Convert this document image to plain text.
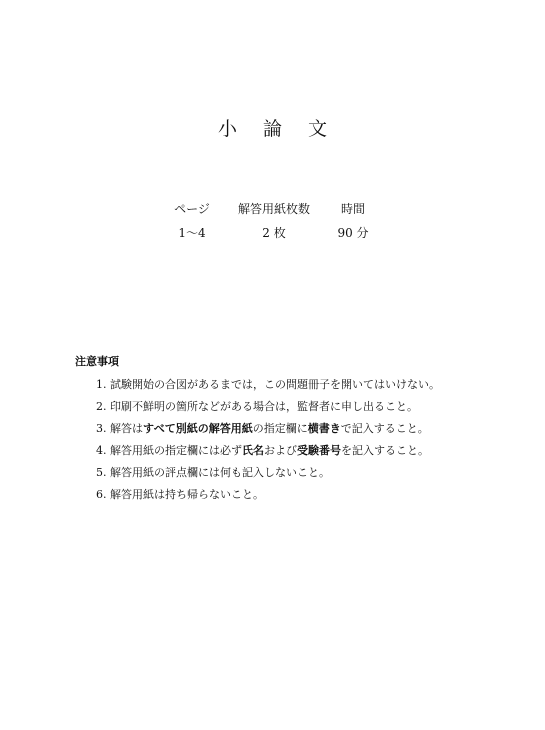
小 論 文
ページ	解答用紙枚数	時間
1〜4	2 枚	90 分
注意事項
1. 試験開始の合図があるまでは，この問題冊子を開いてはいけない。
2. 印刷不鮮明の箇所などがある場合は，監督者に申し出ること。
3. 解答はすべて別紙の解答用紙の指定欄に横書きで記入すること。
4. 解答用紙の指定欄には必ず氏名および受験番号を記入すること。
5. 解答用紙の評点欄には何も記入しないこと。
6. 解答用紙は持ち帰らないこと。
